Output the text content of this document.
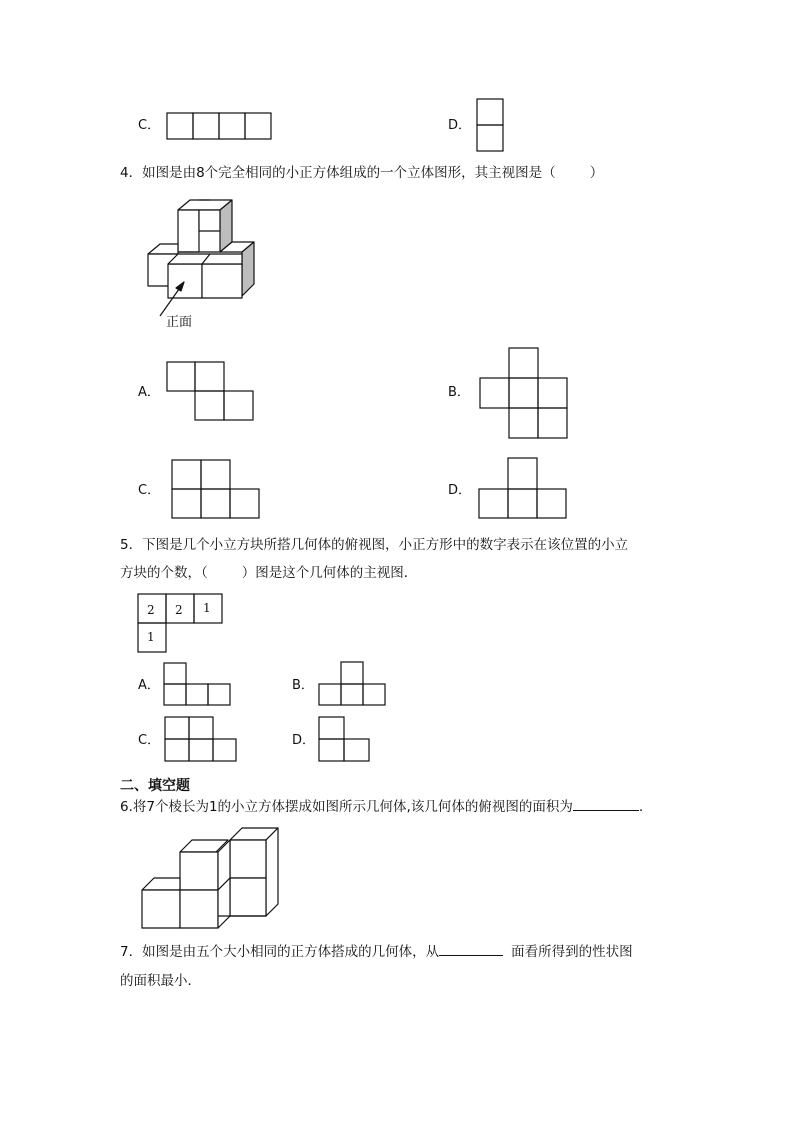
C．	D．
4．如图是由8个完全相同的小正方体组成的一个立体图形，其主视图是（	）
正面
A．	B．
C．	D．
5．下图是几个小立方块所搭几何体的俯视图，小正方形中的数字表示在该位置的小立
方块的个数，（	）图是这个几何体的主视图．
2 2 1
1
A．	B．
C．	D．
二、填空题
6.将7个棱长为1的小立方体摆成如图所示几何体,该几何体的俯视图的面积为	.
7．如图是由五个大小相同的正方体搭成的几何体，从	面看所得到的性状图
的面积最小．
